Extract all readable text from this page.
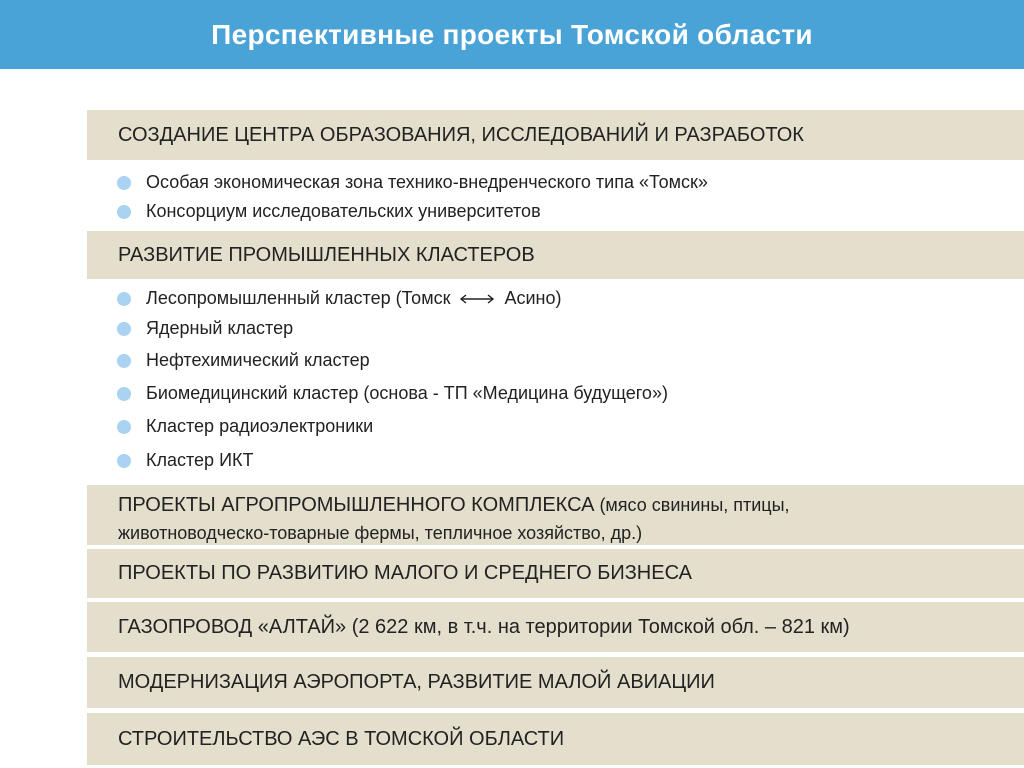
Перспективные проекты Томской области
СОЗДАНИЕ ЦЕНТРА ОБРАЗОВАНИЯ, ИССЛЕДОВАНИЙ И РАЗРАБОТОК
Особая экономическая зона технико-внедренческого типа «Томск»
Консорциум исследовательских университетов
РАЗВИТИЕ ПРОМЫШЛЕННЫХ КЛАСТЕРОВ
Лесопромышленный кластер (Томск	Асино)
Ядерный кластер
Нефтехимический кластер
Биомедицинский кластер (основа - ТП «Медицина будущего»)
Кластер радиоэлектроники
Кластер ИКТ
ПРОЕКТЫ АГРОПРОМЫШЛЕННОГО КОМПЛЕКСА (мясо свинины, птицы,
животноводческо-товарные фермы, тепличное хозяйство, др.)
ПРОЕКТЫ ПО РАЗВИТИЮ МАЛОГО И СРЕДНЕГО БИЗНЕСА
ГАЗОПРОВОД «АЛТАЙ» (2 622 км, в т.ч. на территории Томской обл. – 821 км)
МОДЕРНИЗАЦИЯ АЭРОПОРТА, РАЗВИТИЕ МАЛОЙ АВИАЦИИ
СТРОИТЕЛЬСТВО АЭС В ТОМСКОЙ ОБЛАСТИ
